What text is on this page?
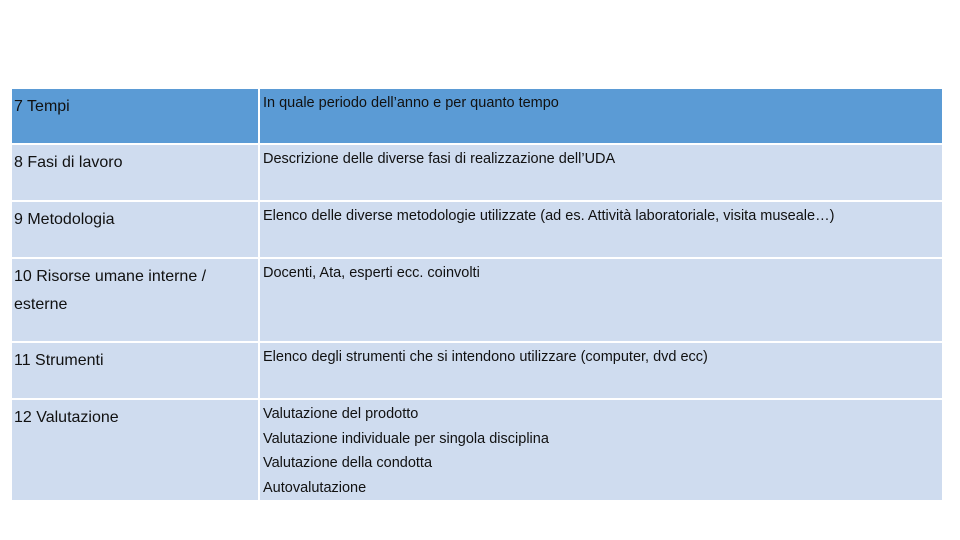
7 Tempi	In quale periodo dell’anno e per quanto tempo

8 Fasi di lavoro	Descrizione delle diverse fasi di realizzazione dell’UDA

9 Metodologia	Elenco delle diverse metodologie utilizzate (ad es. Attività laboratoriale, visita museale…)

10 Risorse umane interne / esterne	Docenti, Ata, esperti ecc. coinvolti

11 Strumenti	Elenco degli strumenti che si intendono utilizzare (computer, dvd ecc)

12 Valutazione	Valutazione del prodotto
Valutazione individuale per singola disciplina
Valutazione della condotta
Autovalutazione
